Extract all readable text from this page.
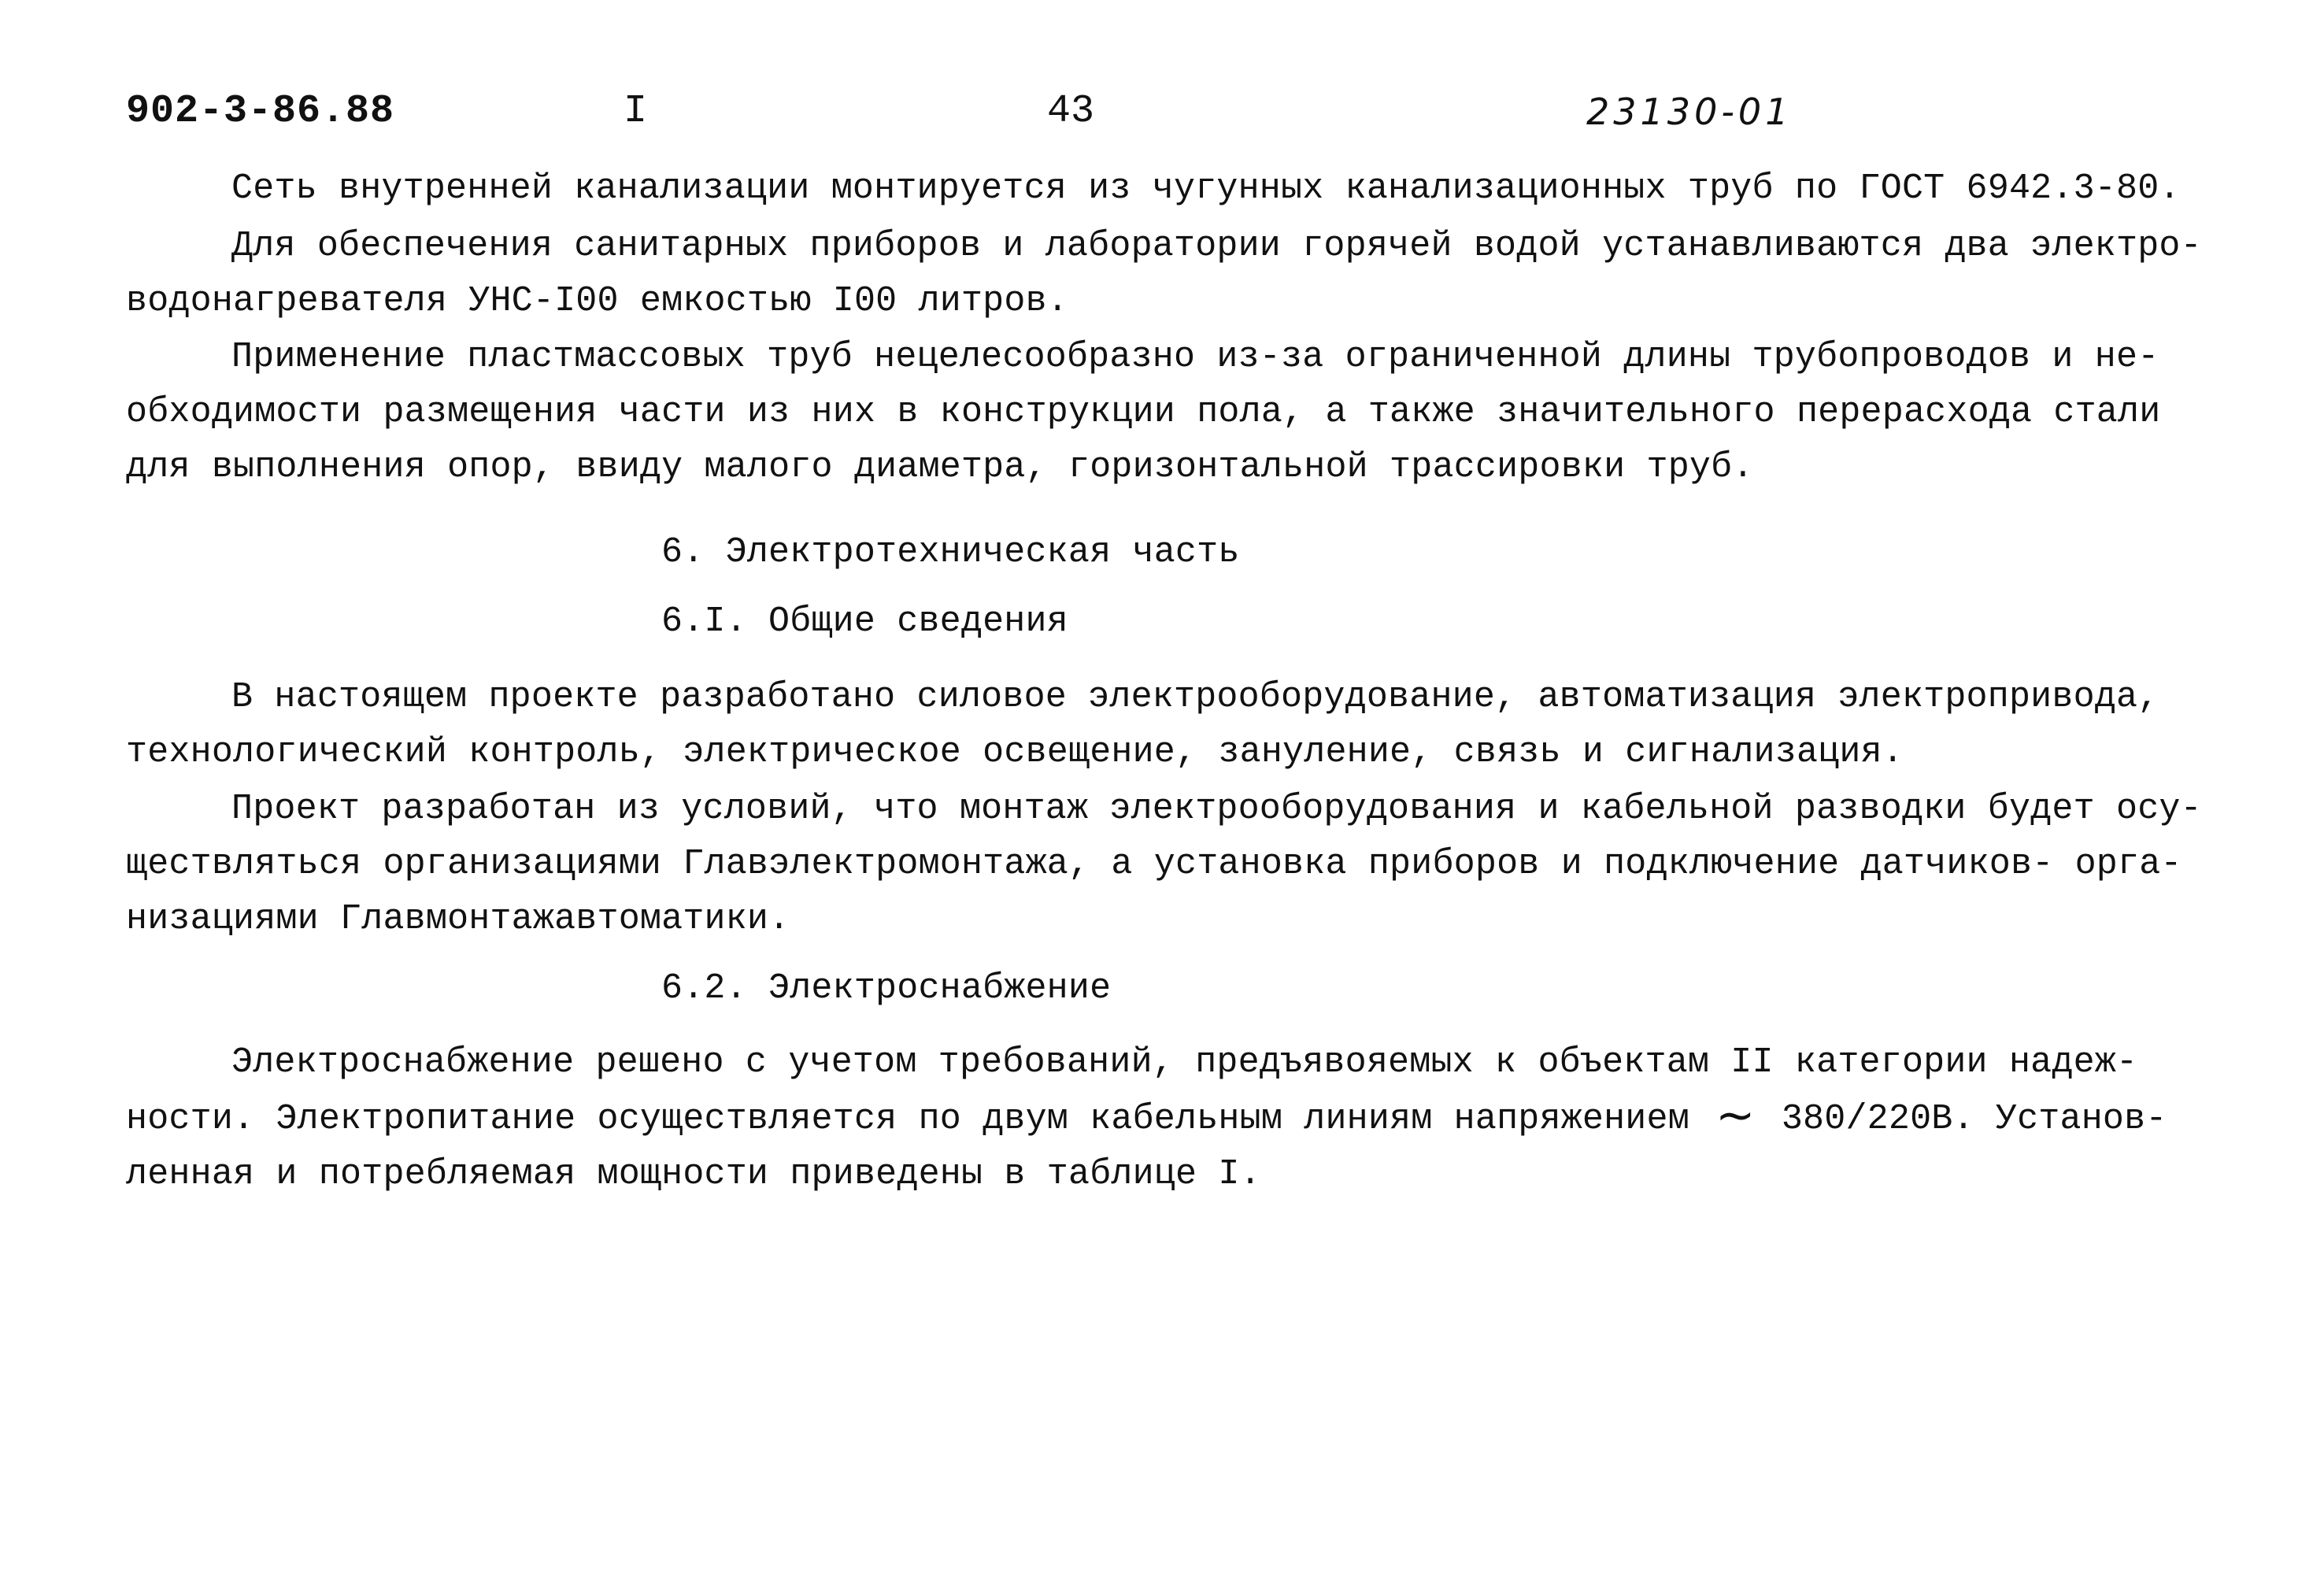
902-3-86.88	I	43	23130-01
Сеть внутренней канализации монтируется из чугунных канализационных труб по ГОСТ 6942.3-80.
Для обеспечения санитарных приборов и лаборатории горячей водой устанавливаются два электро-
водонагревателя УНС-I00 емкостью I00 литров.
Применение пластмассовых труб нецелесообразно из-за ограниченной длины трубопроводов и не-
обходимости размещения части из них в конструкции пола, а также значительного перерасхода стали
для выполнения опор, ввиду малого диаметра, горизонтальной трассировки труб.
6. Электротехническая часть
6.I. Общие сведения
В настоящем проекте разработано силовое электрооборудование, автоматизация электропривода,
технологический контроль, электрическое освещение, зануление, связь и сигнализация.
Проект разработан из условий, что монтаж электрооборудования и кабельной разводки будет осу-
ществляться организациями Главэлектромонтажа, а установка приборов и подключение датчиков- орга-
низациями Главмонтажавтоматики.
6.2. Электроснабжение
Электроснабжение решено с учетом требований, предъявояемых к объектам II категории надеж-
ности. Электропитание осуществляется по двум кабельным линиям напряжением ~ 380/220В. Установ-
ленная и потребляемая мощности приведены в таблице I.
